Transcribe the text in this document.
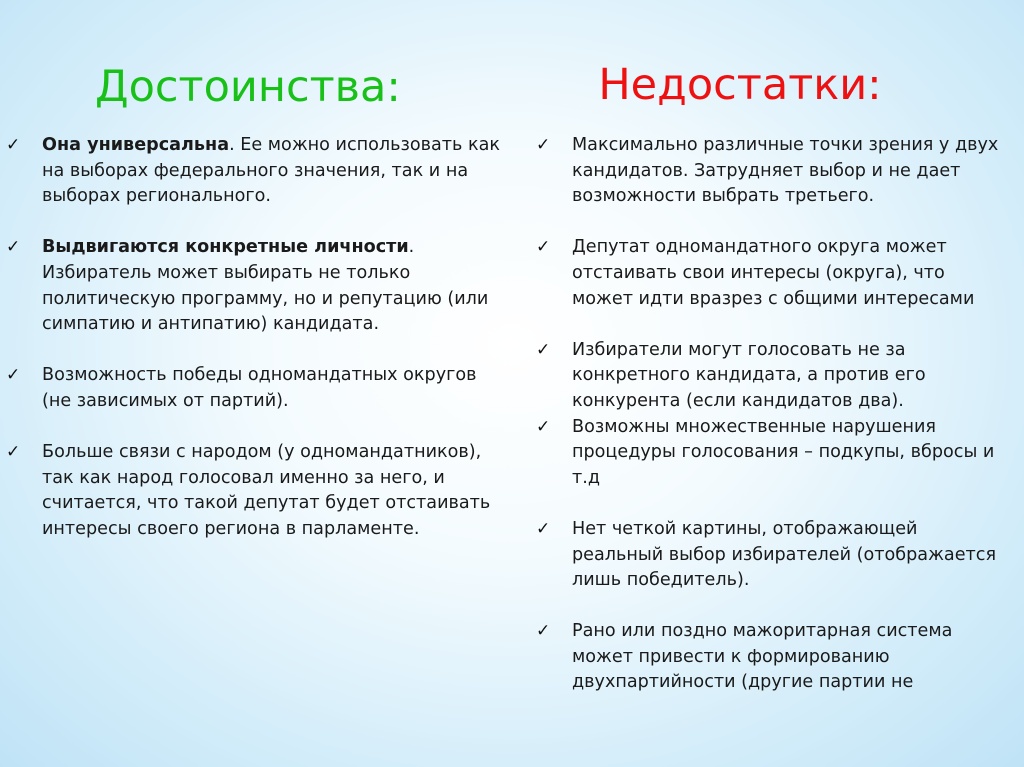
✓ Она универсальна. Ее можно использовать как на выборах федерального значения, так и на выборах регионального.
✓ Выдвигаются конкретные личности. Избиратель может выбирать не только политическую программу, но и репутацию (или симпатию и антипатию) кандидата.
✓ Возможность победы одномандатных округов (не зависимых от партий).
✓ Больше связи с народом (у одномандатников), так как народ голосовал именно за него, и считается, что такой депутат будет отстаивать интересы своего региона в парламенте.
✓ Максимально различные точки зрения у двух кандидатов. Затрудняет выбор и не дает возможности выбрать третьего.
✓ Депутат одномандатного округа может отстаивать свои интересы (округа), что может идти вразрез с общими интересами
✓ Избиратели могут голосовать не за конкретного кандидата, а против его конкурента (если кандидатов два).
✓ Возможны множественные нарушения процедуры голосования – подкупы, вбросы и т.д
✓ Нет четкой картины, отображающей реальный выбор избирателей (отображается лишь победитель).
✓ Рано или поздно мажоритарная система может привести к формированию двухпартийности (другие партии не
Достоинства:	Недостатки:
